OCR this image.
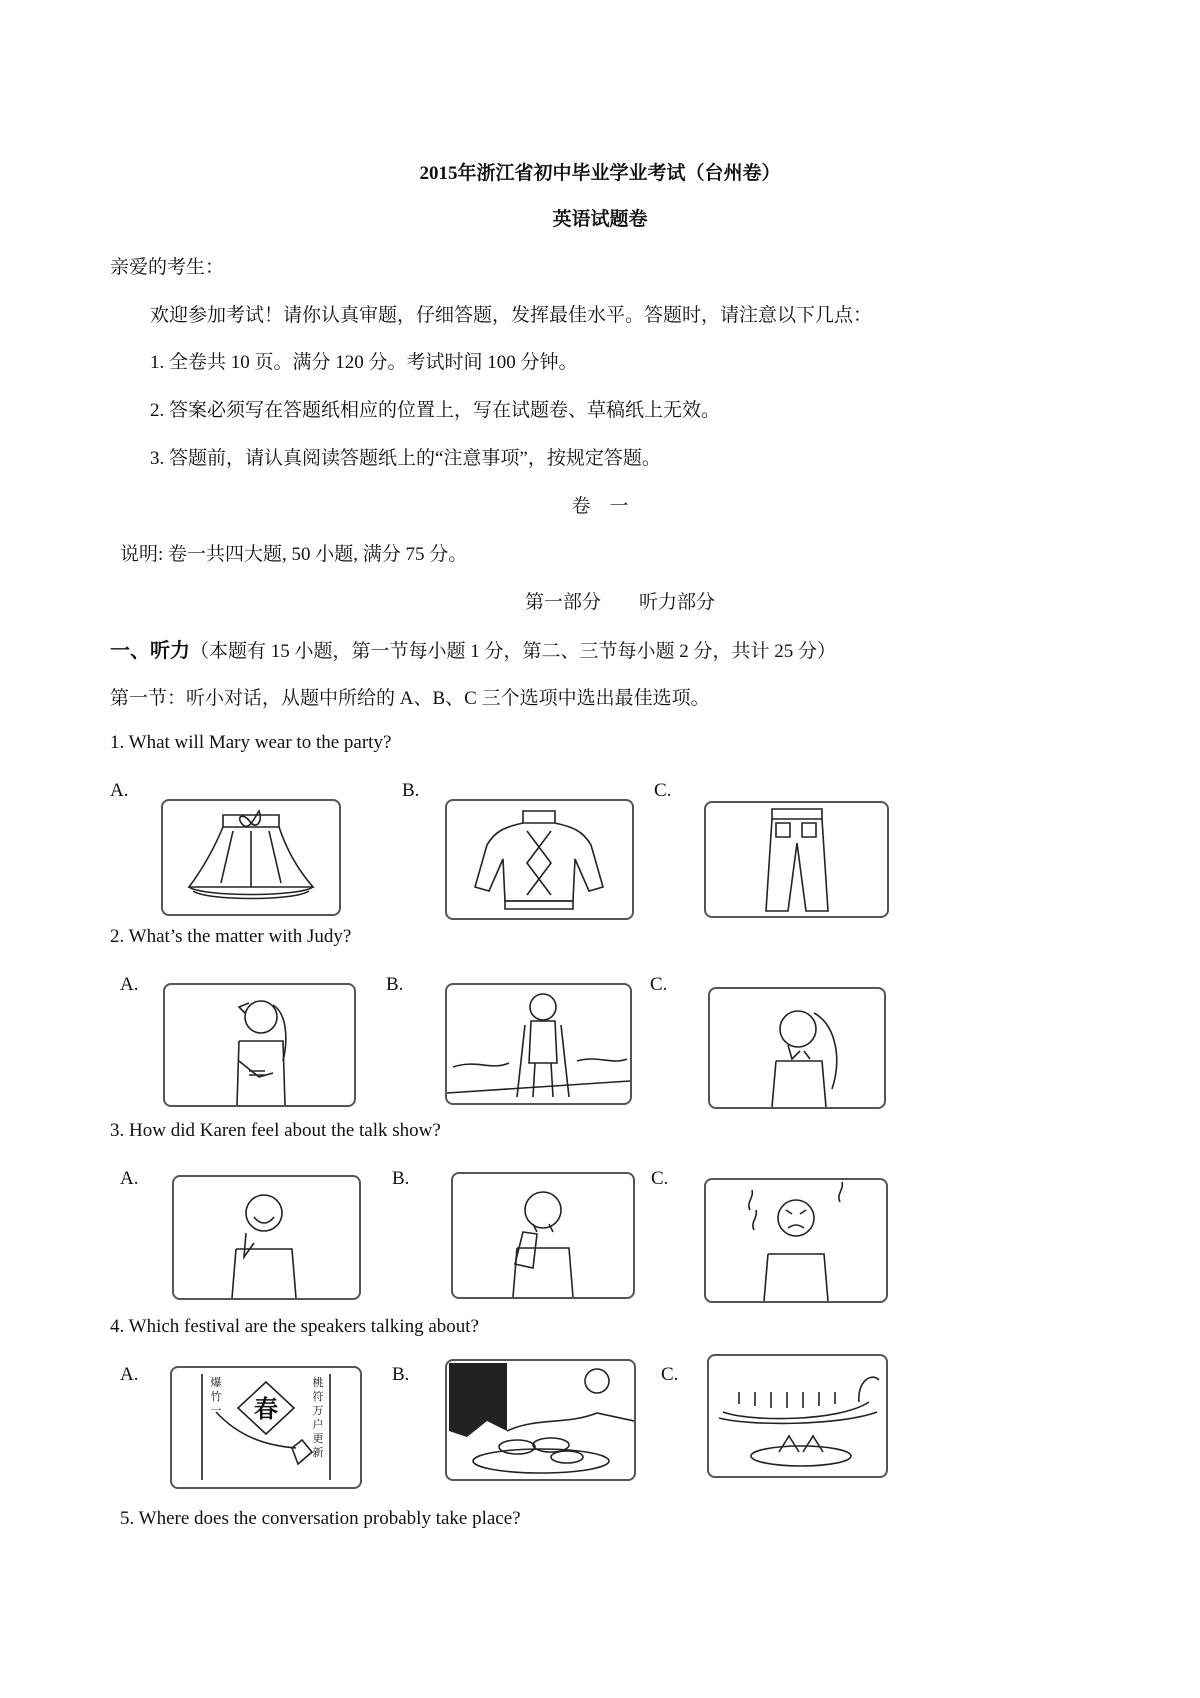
2015年浙江省初中毕业学业考试（台州卷）
英语试题卷
亲爱的考生：
欢迎参加考试！请你认真审题，仔细答题，发挥最佳水平。答题时，请注意以下几点：
1. 全卷共 10 页。满分 120 分。考试时间 100 分钟。
2. 答案必须写在答题纸相应的位置上，写在试题卷、草稿纸上无效。
3. 答题前，请认真阅读答题纸上的“注意事项”，按规定答题。
卷　一
说明: 卷一共四大题, 50 小题, 满分 75 分。
第一部分　　听力部分
一、听力（本题有 15 小题，第一节每小题 1 分，第二、三节每小题 2 分，共计 25 分）
第一节：听小对话，从题中所给的 A、B、C 三个选项中选出最佳选项。
1. What will Mary wear to the party?
A.	B.	C.
2. What’s the matter with Judy?
A.	B.	C.
3. How did Karen feel about the talk show?
A.	B.	C.
4. Which festival are the speakers talking about?
A.	B.	C.
春
爆
竹
一
桃
符
万
户
更
新
5. Where does the conversation probably take place?
